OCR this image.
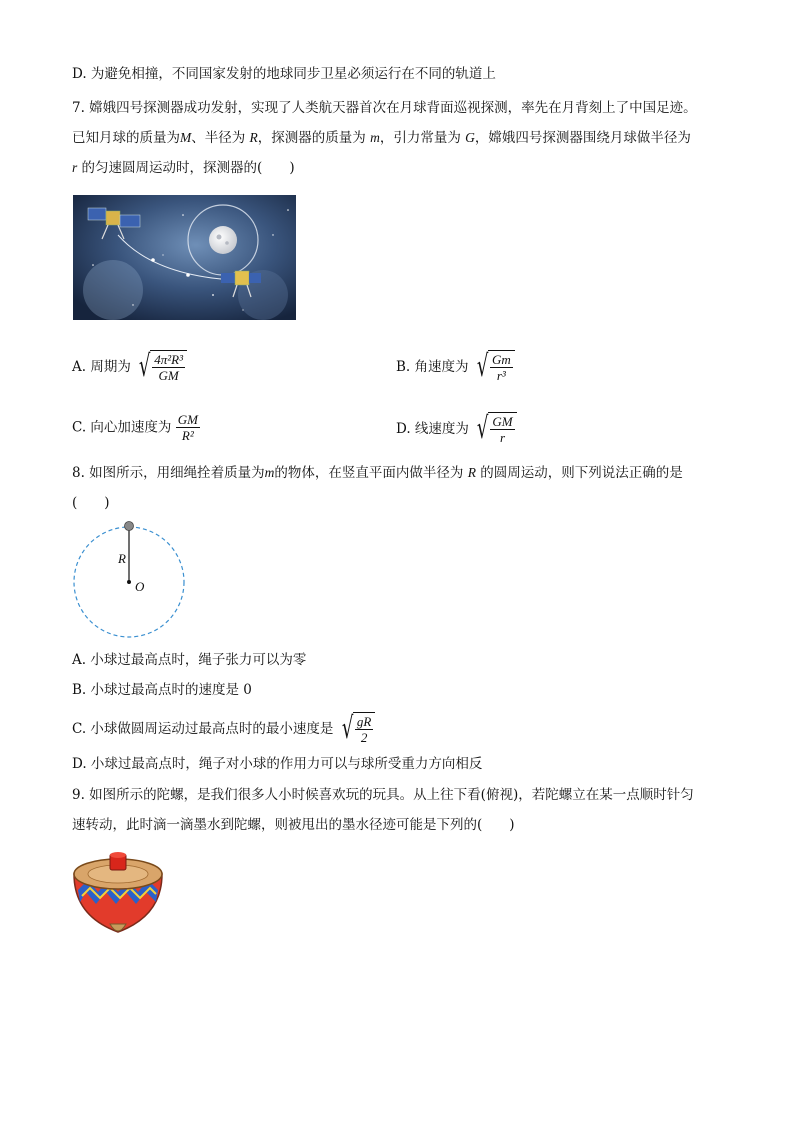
D. 为避免相撞，不同国家发射的地球同步卫星必须运行在不同的轨道上
7. 嫦娥四号探测器成功发射，实现了人类航天器首次在月球背面巡视探测，率先在月背刻上了中国足迹。
已知月球的质量为M、半径为 R，探测器的质量为 m，引力常量为 G，嫦娥四号探测器围绕月球做半径为
r 的匀速圆周运动时，探测器的(　　)
A. 周期为 √ $\frac{\text{4π²R³}}{GM}$	B. 角速度为 √ $\frac{Gm}{\text{r³}}$
C. 向心加速度为 $\frac{GM}{\text{R²}}$	D. 线速度为 √ $\frac{GM}{r}$
8. 如图所示，用细绳拴着质量为m的物体，在竖直平面内做半径为 R 的圆周运动，则下列说法正确的是
(　　)
R
O
A. 小球过最高点时，绳子张力可以为零
B. 小球过最高点时的速度是 0
C. 小球做圆周运动过最高点时的最小速度是 √ $\frac{gR}{2}$
D. 小球过最高点时，绳子对小球的作用力可以与球所受重力方向相反
9. 如图所示的陀螺，是我们很多人小时候喜欢玩的玩具。从上往下看(俯视)，若陀螺立在某一点顺时针匀
速转动，此时滴一滴墨水到陀螺，则被甩出的墨水径迹可能是下列的(　　)
